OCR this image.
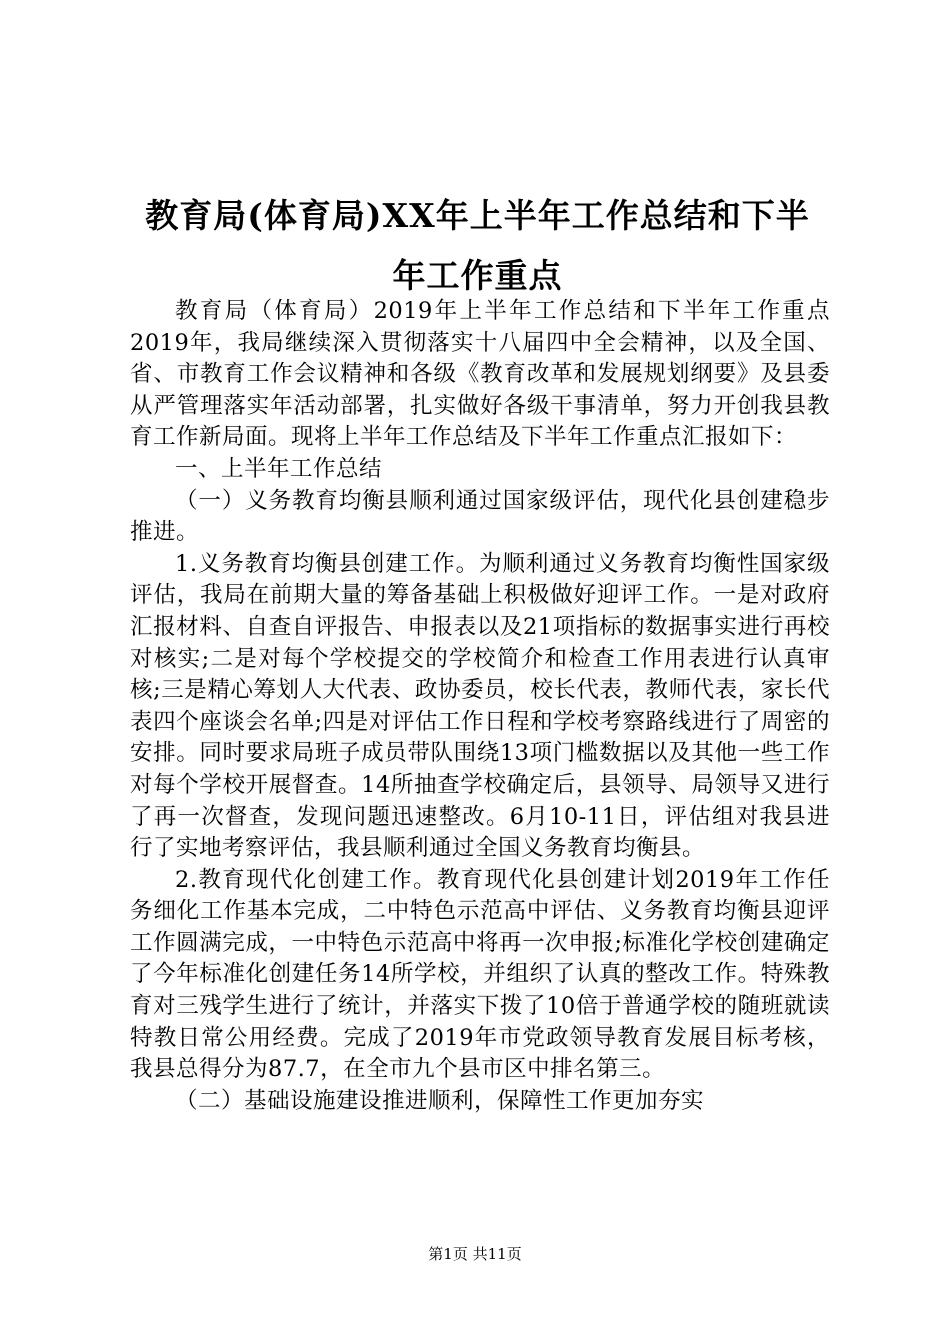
教育局(体育局)XX年上半年工作总结和下半
年工作重点

教育局（体育局）2019年上半年工作总结和下半年工作重点2019年，我局继续深入贯彻落实十八届四中全会精神，以及全国、省、市教育工作会议精神和各级《教育改革和发展规划纲要》及县委从严管理落实年活动部署，扎实做好各级干事清单，努力开创我县教育工作新局面。现将上半年工作总结及下半年工作重点汇报如下：

一、上半年工作总结

（一）义务教育均衡县顺利通过国家级评估，现代化县创建稳步推进。

1.义务教育均衡县创建工作。为顺利通过义务教育均衡性国家级评估，我局在前期大量的筹备基础上积极做好迎评工作。一是对政府汇报材料、自查自评报告、申报表以及21项指标的数据事实进行再校对核实;二是对每个学校提交的学校简介和检查工作用表进行认真审核;三是精心筹划人大代表、政协委员，校长代表，教师代表，家长代表四个座谈会名单;四是对评估工作日程和学校考察路线进行了周密的安排。同时要求局班子成员带队围绕13项门槛数据以及其他一些工作对每个学校开展督查。14所抽查学校确定后，县领导、局领导又进行了再一次督查，发现问题迅速整改。6月10-11日，评估组对我县进行了实地考察评估，我县顺利通过全国义务教育均衡县。

2.教育现代化创建工作。教育现代化县创建计划2019年工作任务细化工作基本完成，二中特色示范高中评估、义务教育均衡县迎评工作圆满完成，一中特色示范高中将再一次申报;标准化学校创建确定了今年标准化创建任务14所学校，并组织了认真的整改工作。特殊教育对三残学生进行了统计，并落实下拨了10倍于普通学校的随班就读特教日常公用经费。完成了2019年市党政领导教育发展目标考核，我县总得分为87.7，在全市九个县市区中排名第三。

（二）基础设施建设推进顺利，保障性工作更加夯实

第1页 共11页
